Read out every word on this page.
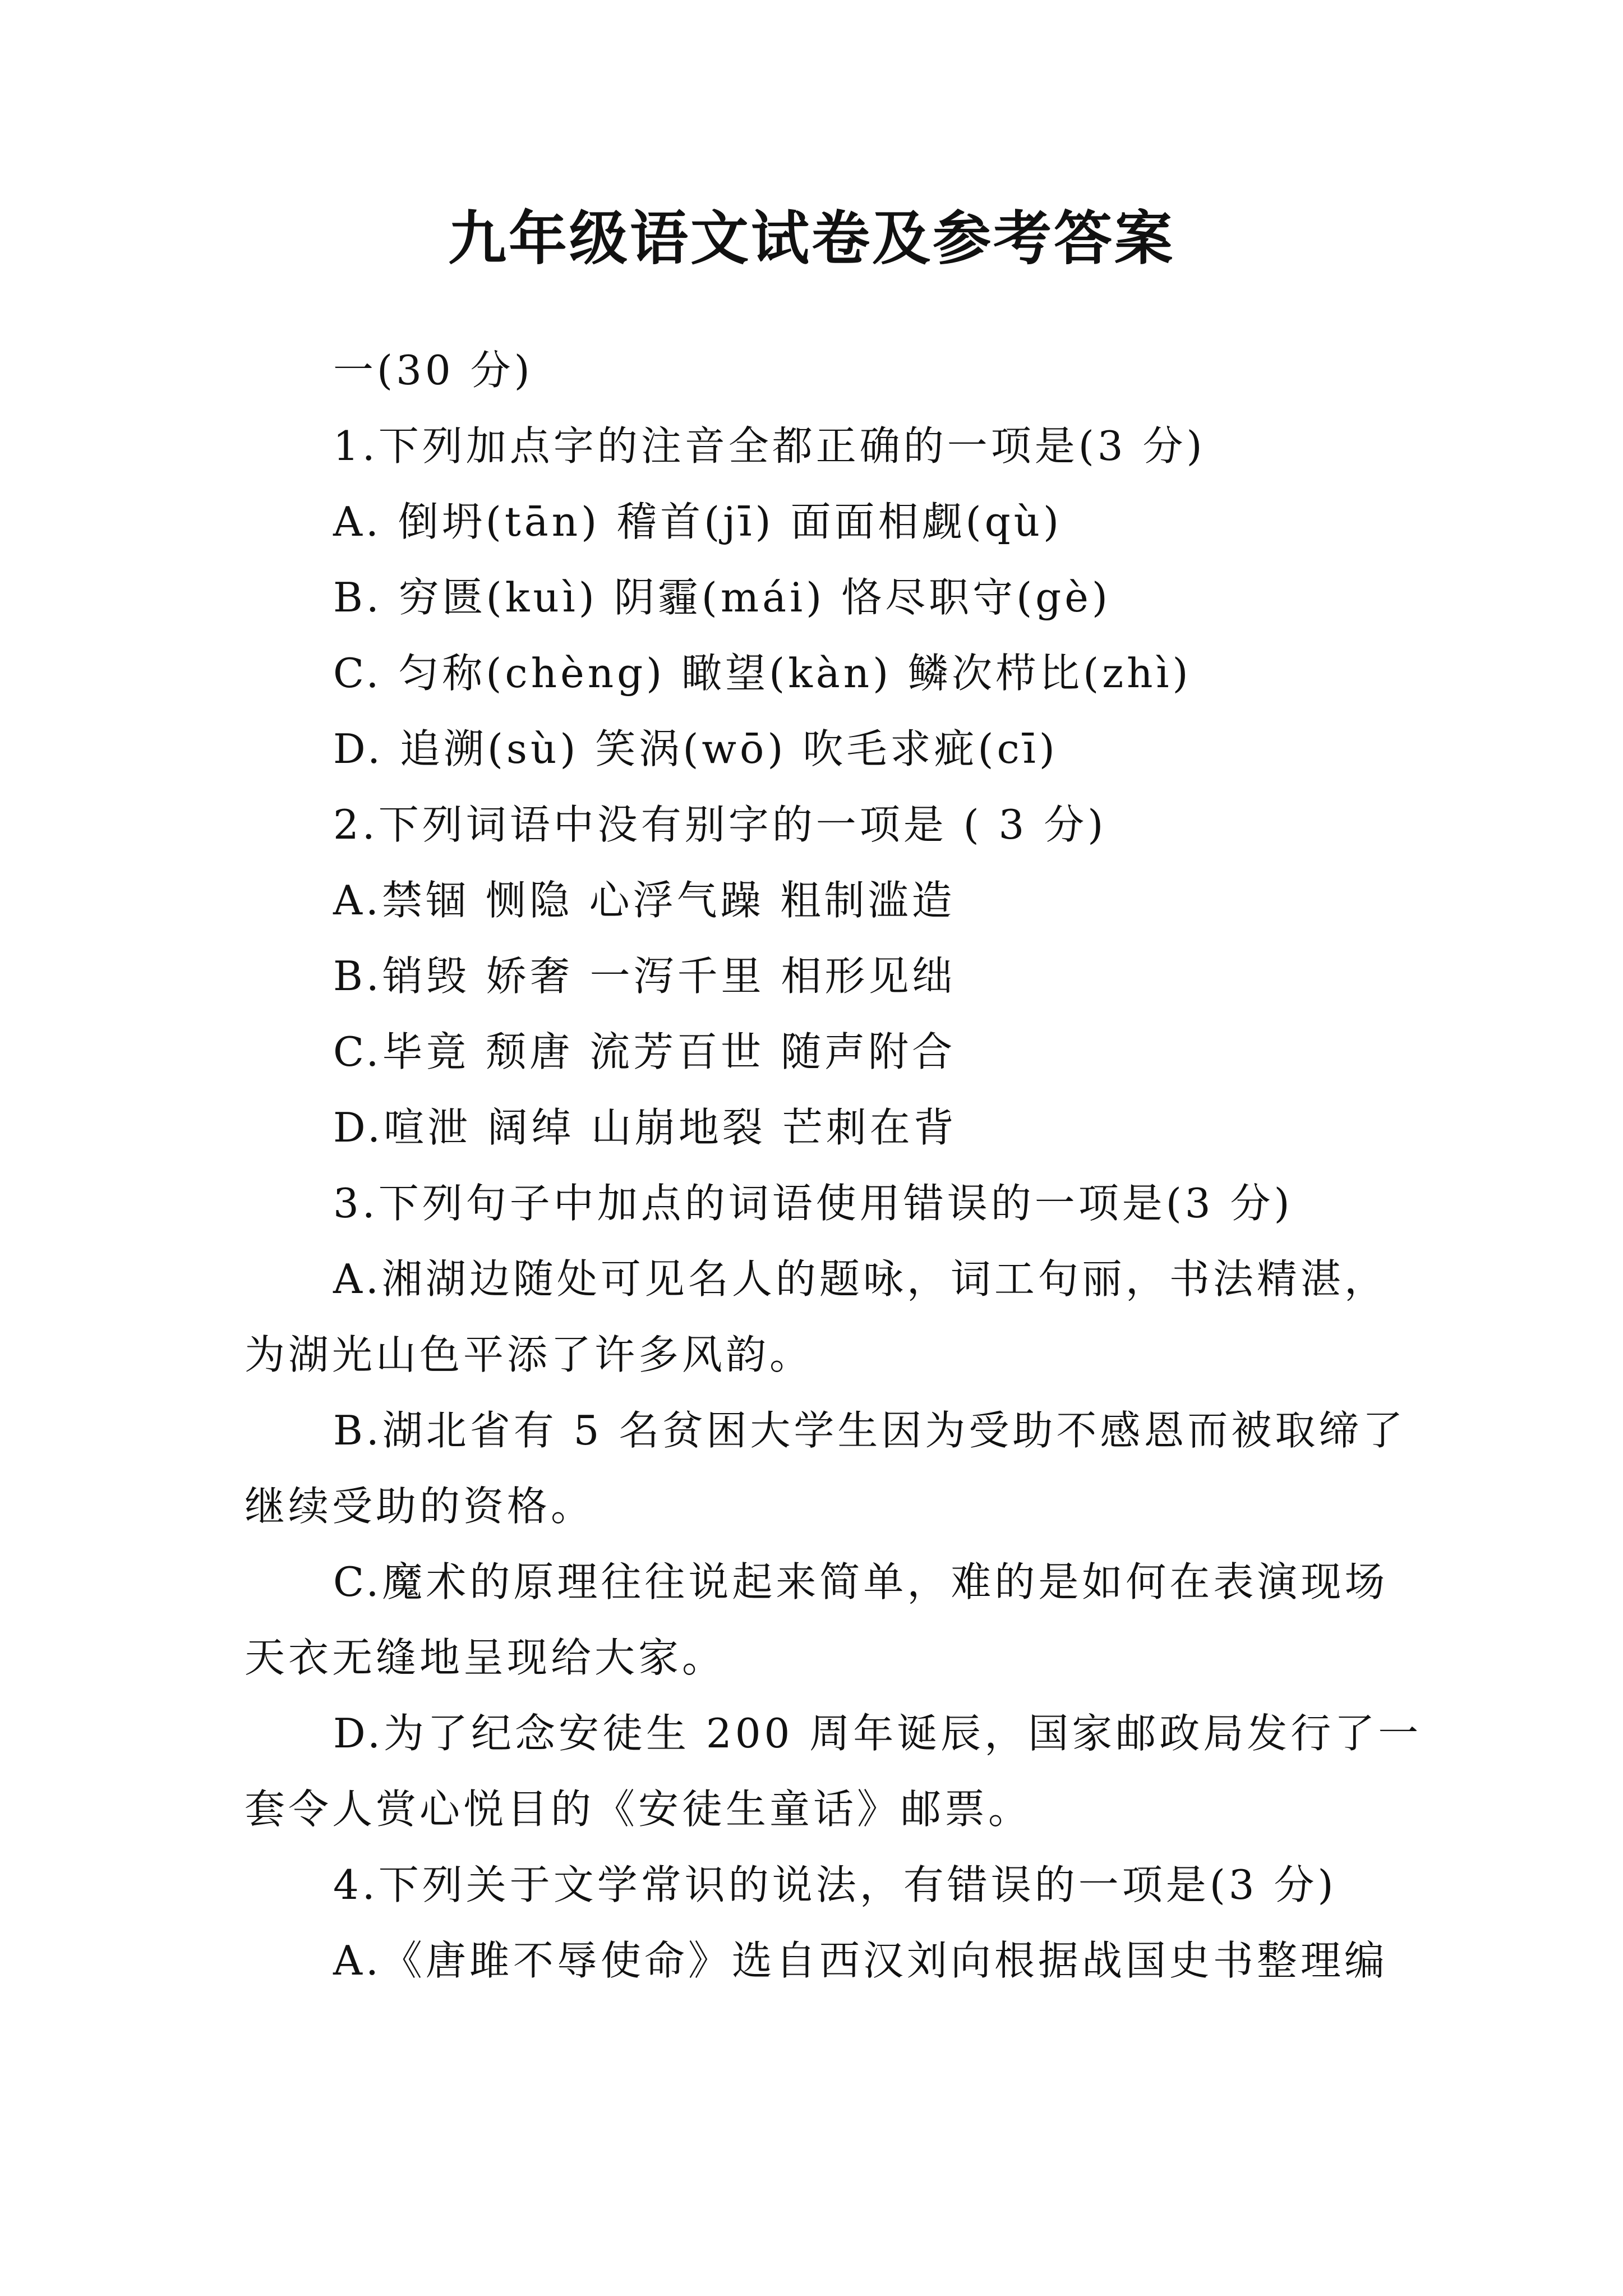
九年级语文试卷及参考答案
一(30 分)
1.下列加点字的注音全都正确的一项是(3 分)
A. 倒坍(tān) 稽首(jī) 面面相觑(qù)
B. 穷匮(kuì) 阴霾(mái) 恪尽职守(gè)
C. 匀称(chèng) 瞰望(kàn) 鳞次栉比(zhì)
D. 追溯(sù) 笑涡(wō) 吹毛求疵(cī)
2.下列词语中没有别字的一项是 ( 3 分)
A.禁锢 恻隐 心浮气躁 粗制滥造
B.销毁 娇奢 一泻千里 相形见绌
C.毕竟 颓唐 流芳百世 随声附合
D.喧泄 阔绰 山崩地裂 芒刺在背
3.下列句子中加点的词语使用错误的一项是(3 分)
A.湘湖边随处可见名人的题咏，词工句丽，书法精湛，
为湖光山色平添了许多风韵。
B.湖北省有 5 名贫困大学生因为受助不感恩而被取缔了
继续受助的资格。
C.魔术的原理往往说起来简单，难的是如何在表演现场
天衣无缝地呈现给大家。
D.为了纪念安徒生 200 周年诞辰，国家邮政局发行了一
套令人赏心悦目的《安徒生童话》邮票。
4.下列关于文学常识的说法，有错误的一项是(3 分)
A.《唐雎不辱使命》选自西汉刘向根据战国史书整理编
